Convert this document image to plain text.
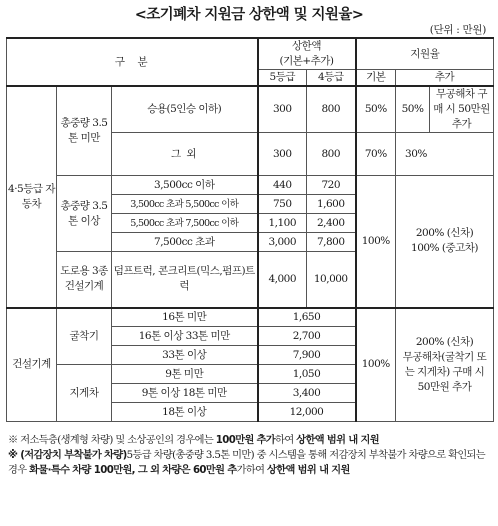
<조기폐차 지원금 상한액 및 지원율>
(단위 : 만원)
구　분			상한액
(기본+추가)		지원율	
			5등급	4등급	기본	추가
4·5등급 자동차	총중량 3.5톤 미만	승용(5인승 이하)	300	800	50%	50%
무공해차 구매 시 50만원 추가

		그 외	300	800	70%	30%
	총중량 3.5톤 이상	3,500cc 이하	440	720	100%	200% (신차)
100% (중고차)

		3,500cc 초과 5,500cc 이하	750	1,600		
		5,500cc 초과 7,500cc 이하	1,100	2,400		
		7,500cc 초과	3,000	7,800		
	도로용 3종 건설기계	덤프트럭, 콘크리트(믹스,펌프)트럭	4,000	10,000		
건설기계	굴착기	16톤 미만	1,650		100%	200% (신차)
무공해차(굴착기 또는 지게차) 구매 시 50만원 추가

		16톤 이상 33톤 미만	2,700			
		33톤 이상	7,900			
	지게차	9톤 미만	1,050			
		9톤 이상 18톤 미만	3,400			
		18톤 이상	12,000			

※ 저소득층(생계형 차량) 및 소상공인의 경우에는 100만원 추가하여 상한액 범위 내 지원

※ (저감장치 부착불가 차량)5등급 차량(총중량 3.5톤 미만) 중 시스템을 통해 저감장치 부착불가 차량으로 확인되는 경우 화물·특수 차량 100만원, 그 외 차량은 60만원 추가하여 상한액 범위 내 지원
